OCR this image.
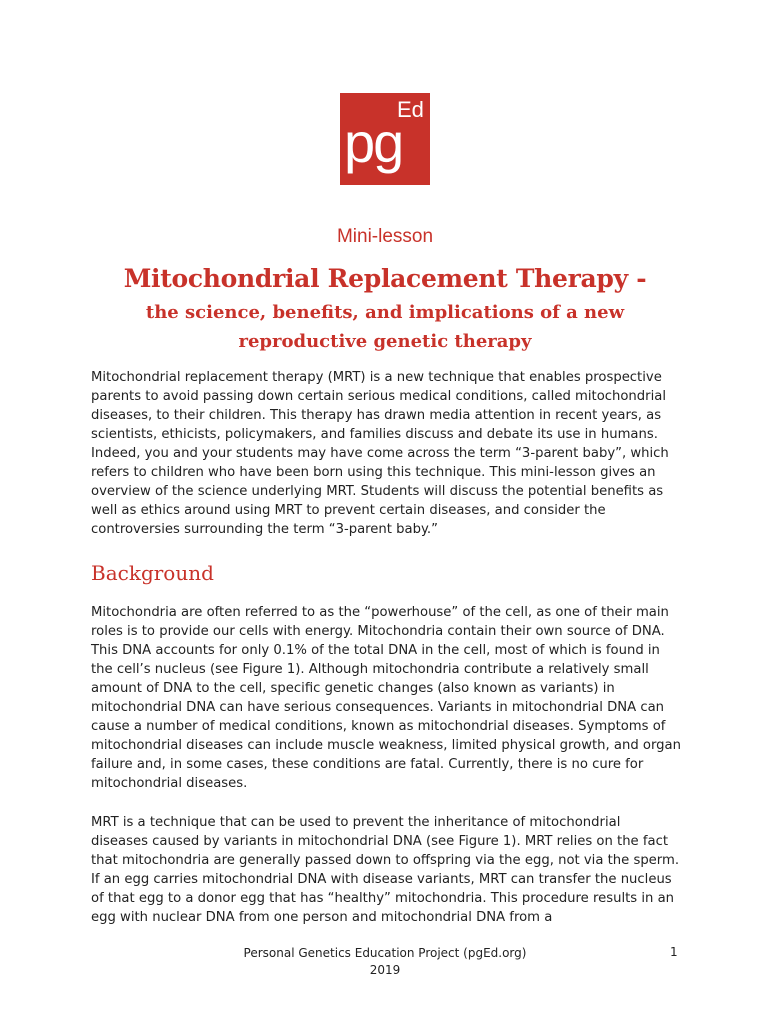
pg
Ed
Mini-lesson
Mitochondrial Replacement Therapy -
the science, benefits, and implications of a new reproductive genetic therapy

Mitochondrial replacement therapy (MRT) is a new technique that enables prospective parents to avoid passing down certain serious medical conditions, called mitochondrial diseases, to their children. This therapy has drawn media attention in recent years, as scientists, ethicists, policymakers, and families discuss and debate its use in humans. Indeed, you and your students may have come across the term “3-parent baby”, which refers to children who have been born using this technique. This mini-lesson gives an overview of the science underlying MRT. Students will discuss the potential benefits as well as ethics around using MRT to prevent certain diseases, and consider the controversies surrounding the term “3-parent baby.”

Background

Mitochondria are often referred to as the “powerhouse” of the cell, as one of their main roles is to provide our cells with energy. Mitochondria contain their own source of DNA. This DNA accounts for only 0.1% of the total DNA in the cell, most of which is found in the cell’s nucleus (see Figure 1). Although mitochondria contribute a relatively small amount of DNA to the cell, specific genetic changes (also known as variants) in mitochondrial DNA can have serious consequences. Variants in mitochondrial DNA can cause a number of medical conditions, known as mitochondrial diseases. Symptoms of mitochondrial diseases can include muscle weakness, limited physical growth, and organ failure and, in some cases, these conditions are fatal. Currently, there is no cure for mitochondrial diseases.

MRT is a technique that can be used to prevent the inheritance of mitochondrial diseases caused by variants in mitochondrial DNA (see Figure 1). MRT relies on the fact that mitochondria are generally passed down to offspring via the egg, not via the sperm. If an egg carries mitochondrial DNA with disease variants, MRT can transfer the nucleus of that egg to a donor egg that has “healthy” mitochondria. This procedure results in an egg with nuclear DNA from one person and mitochondrial DNA from a

Personal Genetics Education Project (pgEd.org)
2019
1
